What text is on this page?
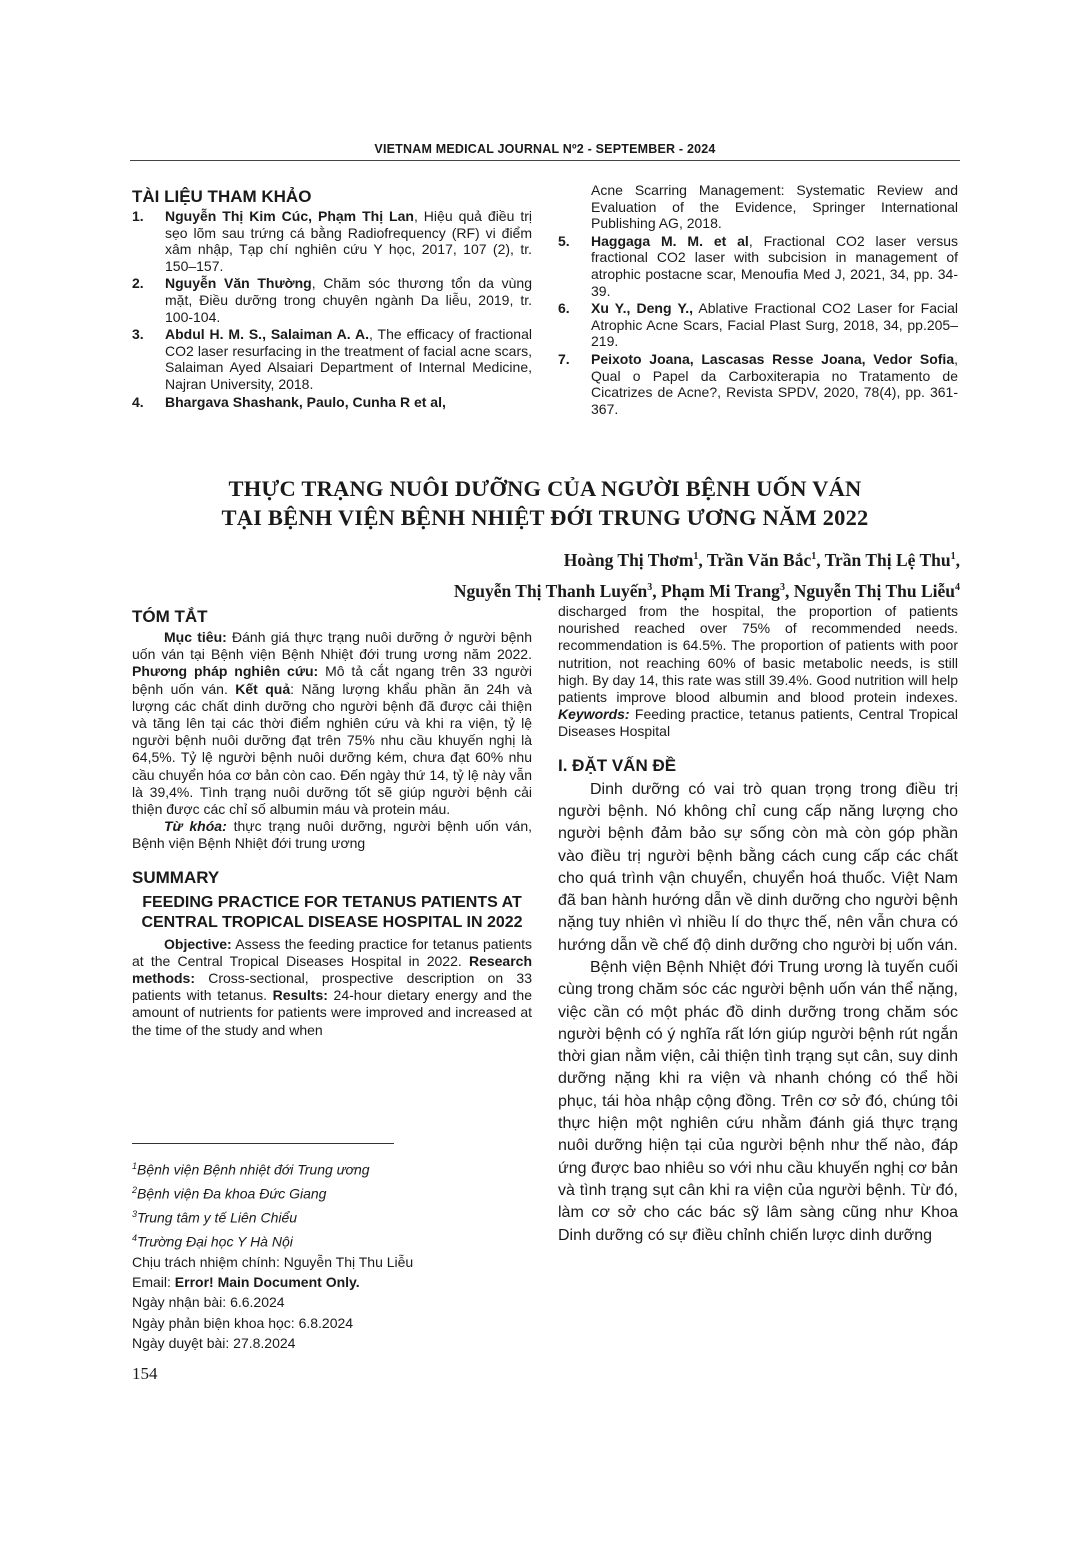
VIETNAM MEDICAL JOURNAL Nº2 - SEPTEMBER - 2024
TÀI LIỆU THAM KHẢO
1. Nguyễn Thị Kim Cúc, Phạm Thị Lan, Hiệu quả điều trị sẹo lõm sau trứng cá bằng Radiofrequency (RF) vi điểm xâm nhập, Tạp chí nghiên cứu Y học, 2017, 107 (2), tr. 150–157.
2. Nguyễn Văn Thường, Chăm sóc thương tổn da vùng mặt, Điều dưỡng trong chuyên ngành Da liễu, 2019, tr. 100-104.
3. Abdul H. M. S., Salaiman A. A., The efficacy of fractional CO2 laser resurfacing in the treatment of facial acne scars, Salaiman Ayed Alsaiari Department of Internal Medicine, Najran University, 2018.
4. Bhargava Shashank, Paulo, Cunha R et al,
Acne Scarring Management: Systematic Review and Evaluation of the Evidence, Springer International Publishing AG, 2018.
5. Haggaga M. M. et al, Fractional CO2 laser versus fractional CO2 laser with subcision in management of atrophic postacne scar, Menoufia Med J, 2021, 34, pp. 34-39.
6. Xu Y., Deng Y., Ablative Fractional CO2 Laser for Facial Atrophic Acne Scars, Facial Plast Surg, 2018, 34, pp.205–219.
7. Peixoto Joana, Lascasas Resse Joana, Vedor Sofia, Qual o Papel da Carboxiterapia no Tratamento de Cicatrizes de Acne?, Revista SPDV, 2020, 78(4), pp. 361-367.
THỰC TRẠNG NUÔI DƯỠNG CỦA NGƯỜI BỆNH UỐN VÁN
TẠI BỆNH VIỆN BỆNH NHIỆT ĐỚI TRUNG ƯƠNG NĂM 2022
Hoàng Thị Thơm$^1$, Trần Văn Bắc$^1$, Trần Thị Lệ Thu$^1$,
Nguyễn Thị Thanh Luyến$^3$, Phạm Mi Trang$^3$, Nguyễn Thị Thu Liễu$^4$
TÓM TẮT

Mục tiêu: Đánh giá thực trạng nuôi dưỡng ở người bệnh uốn ván tại Bệnh viện Bệnh Nhiệt đới trung ương năm 2022. Phương pháp nghiên cứu: Mô tả cắt ngang trên 33 người bệnh uốn ván. Kết quả: Năng lượng khẩu phần ăn 24h và lượng các chất dinh dưỡng cho người bệnh đã được cải thiện và tăng lên tại các thời điểm nghiên cứu và khi ra viện, tỷ lệ người bệnh nuôi dưỡng đạt trên 75% nhu cầu khuyến nghị là 64,5%. Tỷ lệ người bệnh nuôi dưỡng kém, chưa đạt 60% nhu cầu chuyển hóa cơ bản còn cao. Đến ngày thứ 14, tỷ lệ này vẫn là 39,4%. Tình trạng nuôi dưỡng tốt sẽ giúp người bệnh cải thiện được các chỉ số albumin máu và protein máu.

Từ khóa: thực trạng nuôi dưỡng, người bệnh uốn ván, Bệnh viện Bệnh Nhiệt đới trung ương

SUMMARY
FEEDING PRACTICE FOR TETANUS PATIENTS AT CENTRAL TROPICAL DISEASE HOSPITAL IN 2022

Objective: Assess the feeding practice for tetanus patients at the Central Tropical Diseases Hospital in 2022. Research methods: Cross-sectional, prospective description on 33 patients with tetanus. Results: 24-hour dietary energy and the amount of nutrients for patients were improved and increased at the time of the study and when

$^1$Bệnh viện Bệnh nhiệt đới Trung ương
$^2$Bệnh viện Đa khoa Đức Giang
$^3$Trung tâm y tế Liên Chiểu
$^4$Trường Đại học Y Hà Nội
Chịu trách nhiệm chính: Nguyễn Thị Thu Liễu
Email: Error! Main Document Only.
Ngày nhận bài: 6.6.2024
Ngày phản biện khoa học: 6.8.2024
Ngày duyệt bài: 27.8.2024

discharged from the hospital, the proportion of patients nourished reached over 75% of recommended needs. recommendation is 64.5%. The proportion of patients with poor nutrition, not reaching 60% of basic metabolic needs, is still high. By day 14, this rate was still 39.4%. Good nutrition will help patients improve blood albumin and blood protein indexes. Keywords: Feeding practice, tetanus patients, Central Tropical Diseases Hospital

I. ĐẶT VẤN ĐỀ

Dinh dưỡng có vai trò quan trọng trong điều trị người bệnh. Nó không chỉ cung cấp năng lượng cho người bệnh đảm bảo sự sống còn mà còn góp phần vào điều trị người bệnh bằng cách cung cấp các chất cho quá trình vận chuyển, chuyển hoá thuốc. Việt Nam đã ban hành hướng dẫn về dinh dưỡng cho người bệnh nặng tuy nhiên vì nhiều lí do thực thế, nên vẫn chưa có hướng dẫn về chế độ dinh dưỡng cho người bị uốn ván.

Bệnh viện Bệnh Nhiệt đới Trung ương là tuyến cuối cùng trong chăm sóc các người bệnh uốn ván thể nặng, việc cần có một phác đồ dinh dưỡng trong chăm sóc người bệnh có ý nghĩa rất lớn giúp người bệnh rút ngắn thời gian nằm viện, cải thiện tình trạng sụt cân, suy dinh dưỡng nặng khi ra viện và nhanh chóng có thể hồi phục, tái hòa nhập cộng đồng. Trên cơ sở đó, chúng tôi thực hiện một nghiên cứu nhằm đánh giá thực trạng nuôi dưỡng hiện tại của người bệnh như thế nào, đáp ứng được bao nhiêu so với nhu cầu khuyến nghị cơ bản và tình trạng sụt cân khi ra viện của người bệnh. Từ đó, làm cơ sở cho các bác sỹ lâm sàng cũng như Khoa Dinh dưỡng có sự điều chỉnh chiến lược dinh dưỡng

154
